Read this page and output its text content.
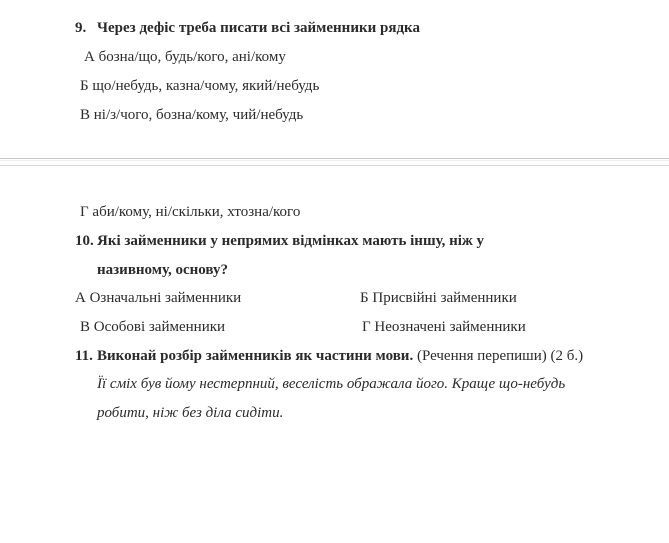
9. Через дефіс треба писати всі займенники рядка
А бозна/що, будь/кого, ані/кому
Б що/небудь, казна/чому, який/небудь
В ні/з/чого, бозна/кому, чий/небудь
Г аби/кому, ні/скільки, хтозна/кого
10. Які займенники у непрямих відмінках мають іншу, ніж у
називному, основу?
А Означальні займенники	Б Присвійні займенники
В Особові займенники	Г Неозначені займенники
11. Виконай розбір займенників як частини мови. (Речення перепиши) (2 б.)
Її сміх був йому нестерпний, веселість ображала його. Краще що-небудь
робити, ніж без діла сидіти.
